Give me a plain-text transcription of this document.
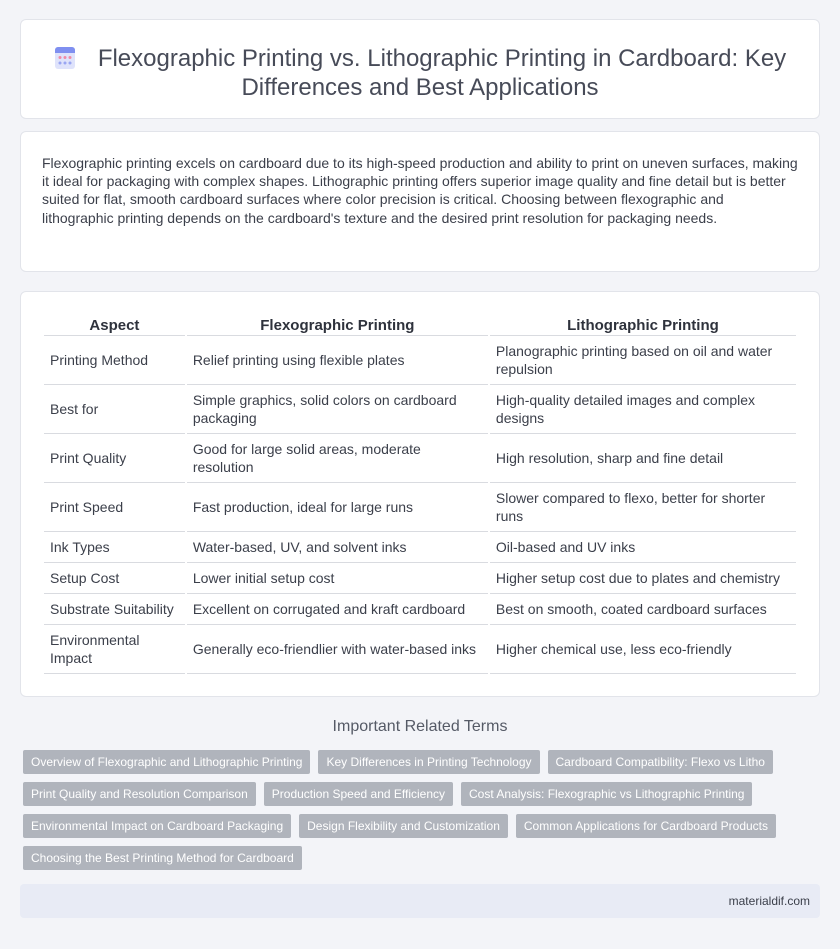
Flexographic Printing vs. Lithographic Printing in Cardboard: Key Differences and Best Applications

Flexographic printing excels on cardboard due to its high-speed production and ability to print on uneven surfaces, making it ideal for packaging with complex shapes. Lithographic printing offers superior image quality and fine detail but is better suited for flat, smooth cardboard surfaces where color precision is critical. Choosing between flexographic and lithographic printing depends on the cardboard's texture and the desired print resolution for packaging needs.

Aspect	Flexographic Printing	Lithographic Printing
Printing Method	Relief printing using flexible plates	Planographic printing based on oil and water repulsion
Best for	Simple graphics, solid colors on cardboard packaging	High-quality detailed images and complex designs
Print Quality	Good for large solid areas, moderate resolution	High resolution, sharp and fine detail
Print Speed	Fast production, ideal for large runs	Slower compared to flexo, better for shorter runs
Ink Types	Water-based, UV, and solvent inks	Oil-based and UV inks
Setup Cost	Lower initial setup cost	Higher setup cost due to plates and chemistry
Substrate Suitability	Excellent on corrugated and kraft cardboard	Best on smooth, coated cardboard surfaces
Environmental Impact	Generally eco-friendlier with water-based inks	Higher chemical use, less eco-friendly
Important Related Terms
Overview of Flexographic and Lithographic Printing	Key Differences in Printing Technology	Cardboard Compatibility: Flexo vs Litho
Print Quality and Resolution Comparison	Production Speed and Efficiency	Cost Analysis: Flexographic vs Lithographic Printing
Environmental Impact on Cardboard Packaging	Design Flexibility and Customization	Common Applications for Cardboard Products
Choosing the Best Printing Method for Cardboard
materialdif.com
